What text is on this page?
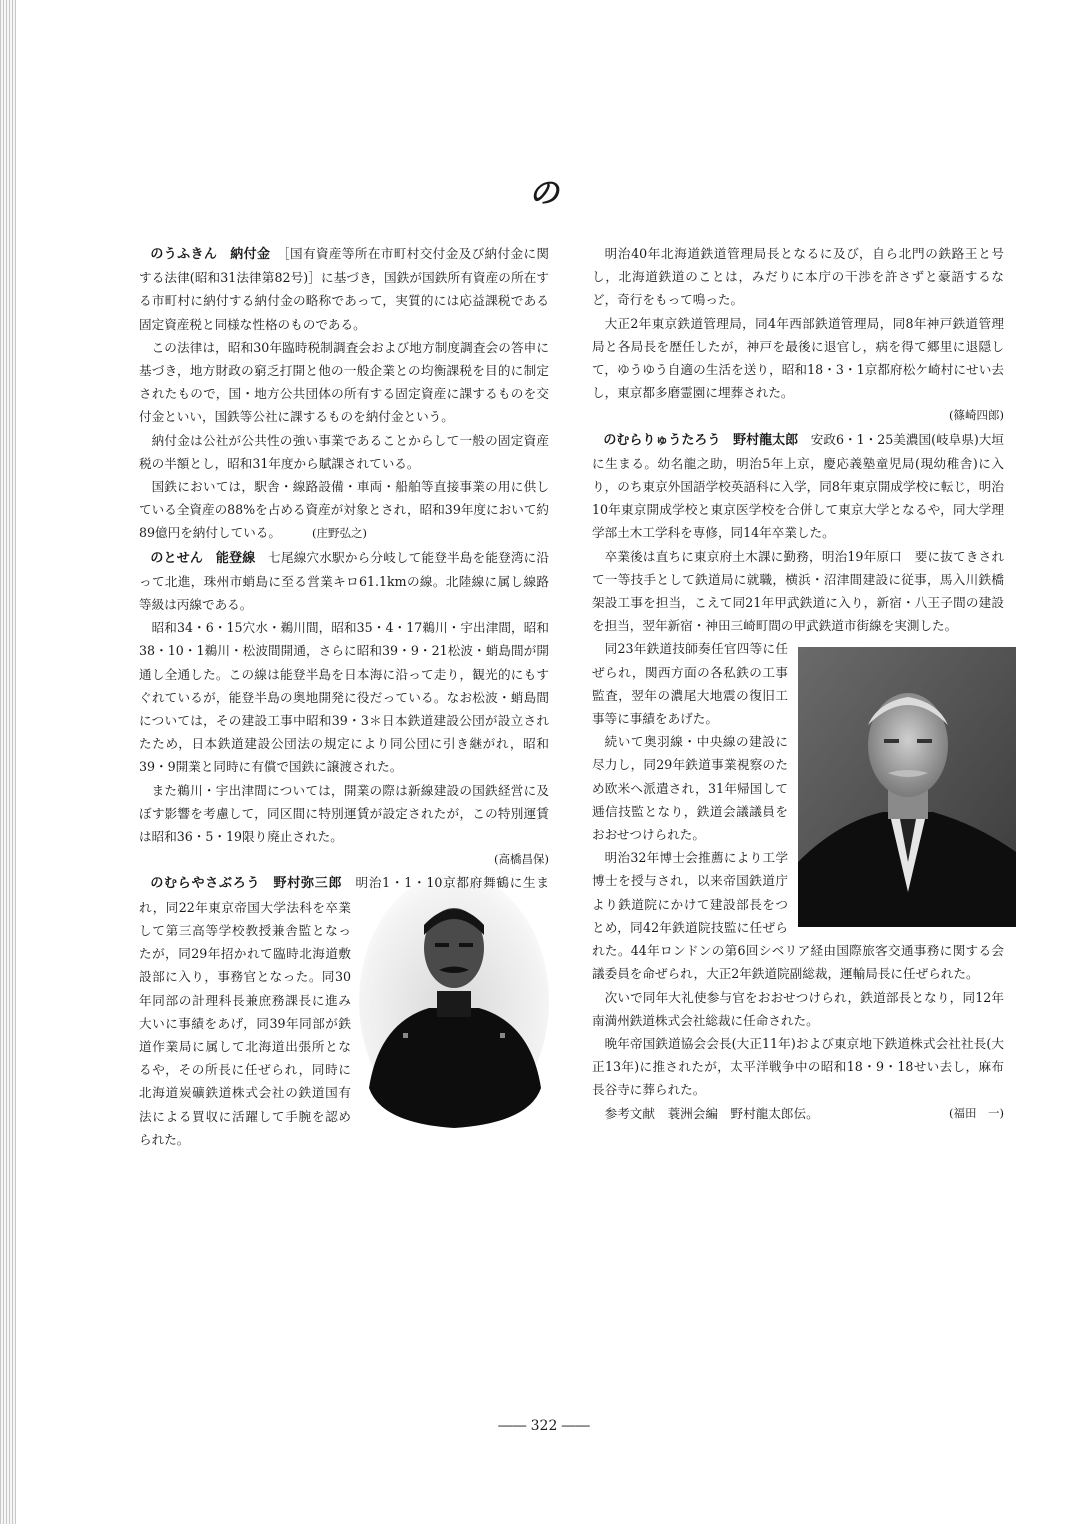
の

のうふきん　 納付金　 ［国有資産等所在市町村交付金及び納付金に関する法律(昭和31法律第82号)］に基づき，国鉄が国鉄所有資産の所在する市町村に納付する納付金の略称であって，実質的には応益課税である固定資産税と同様な性格のものである。

この法律は，昭和30年臨時税制調査会および地方制度調査会の答申に基づき，地方財政の窮乏打開と他の一般企業との均衡課税を目的に制定されたもので，国・地方公共団体の所有する固定資産に課するものを交付金といい，国鉄等公社に課するものを納付金という。

納付金は公社が公共性の強い事業であることからして一般の固定資産税の半額とし，昭和31年度から賦課されている。

国鉄においては，駅舎・線路設備・車両・船舶等直接事業の用に供している全資産の88%を占める資産が対象とされ，昭和39年度において約89億円を納付している。	(庄野弘之)

のとせん　 能登線　 七尾線穴水駅から分岐して能登半島を能登湾に沿って北進，珠州市蛸島に至る営業キロ61.1kmの線。北陸線に属し線路等級は丙線である。

昭和34・6・15穴水・鵜川間，昭和35・4・17鵜川・宇出津間，昭和38・10・1鵜川・松波間開通，さらに昭和39・9・21松波・蛸島間が開通し全通した。この線は能登半島を日本海に沿って走り，観光的にもすぐれているが，能登半島の奥地開発に役だっている。なお松波・蛸島間については，その建設工事中昭和39・3＊日本鉄道建設公団が設立されたため，日本鉄道建設公団法の規定により同公団に引き継がれ，昭和39・9開業と同時に有償で国鉄に譲渡された。

また鵜川・宇出津間については，開業の際は新線建設の国鉄経営に及ぼす影響を考慮して，同区間に特別運賃が設定されたが，この特別運賃は昭和36・5・19限り廃止された。

(高橋昌保)

のむらやさぶろう　 野村弥三郎　 明治1・1・10京都府舞鶴に生まれ，同22年東京帝国大学法科を卒業して第三高等学校教授兼舎監となったが，同29年招かれて臨時北海道敷設部に入り，事務官となった。同30年同部の計理科長兼庶務課長に進み大いに事績をあげ，同39年同部が鉄道作業局に属して北海道出張所となるや，その所長に任ぜられ，同時に北海道炭礦鉄道株式会社の鉄道国有法による買収に活躍して手腕を認められた。

明治40年北海道鉄道管理局長となるに及び，自ら北門の鉄路王と号し，北海道鉄道のことは，みだりに本庁の干渉を許さずと豪語するなど，奇行をもって鳴った。

大正2年東京鉄道管理局，同4年西部鉄道管理局，同8年神戸鉄道管理局と各局長を歴任したが，神戸を最後に退官し，病を得て郷里に退隠して，ゆうゆう自適の生活を送り，昭和18・3・1京都府松ケ崎村にせい去し，東京都多磨霊園に埋葬された。

(篠崎四郎)

のむらりゅうたろう　 野村龍太郎　 安政6・1・25美濃国(岐阜県)大垣に生まる。幼名龍之助，明治5年上京，慶応義塾童児局(現幼稚舎)に入り，のち東京外国語学校英語科に入学，同8年東京開成学校に転じ，明治10年東京開成学校と東京医学校を合併して東京大学となるや，同大学理学部土木工学科を専修，同14年卒業した。

卒業後は直ちに東京府土木課に勤務，明治19年原口　要に抜てきされて一等技手として鉄道局に就職，横浜・沼津間建設に従事，馬入川鉄橋架設工事を担当，こえて同21年甲武鉄道に入り，新宿・八王子間の建設を担当，翌年新宿・神田三崎町間の甲武鉄道市街線を実測した。

同23年鉄道技師奏任官四等に任ぜられ，関西方面の各私鉄の工事監査，翌年の濃尾大地震の復旧工事等に事績をあげた。

続いて奥羽線・中央線の建設に尽力し，同29年鉄道事業視察のため欧米へ派遣され，31年帰国して逓信技監となり，鉄道会議議員をおおせつけられた。

明治32年博士会推薦により工学博士を授与され，以来帝国鉄道庁より鉄道院にかけて建設部長をつとめ，同42年鉄道院技監に任ぜられた。44年ロンドンの第6回シベリア経由国際旅客交通事務に関する会議委員を命ぜられ，大正2年鉄道院副総裁，運輸局長に任ぜられた。

次いで同年大礼使参与官をおおせつけられ，鉄道部長となり，同12年南満州鉄道株式会社総裁に任命された。

晩年帝国鉄道協会会長(大正11年)および東京地下鉄道株式会社社長(大正13年)に推されたが，太平洋戦争中の昭和18・9・18せい去し，麻布長谷寺に葬られた。

参考文献　蓑洲会編　野村龍太郎伝。	(福田　一)

―― 322 ――
